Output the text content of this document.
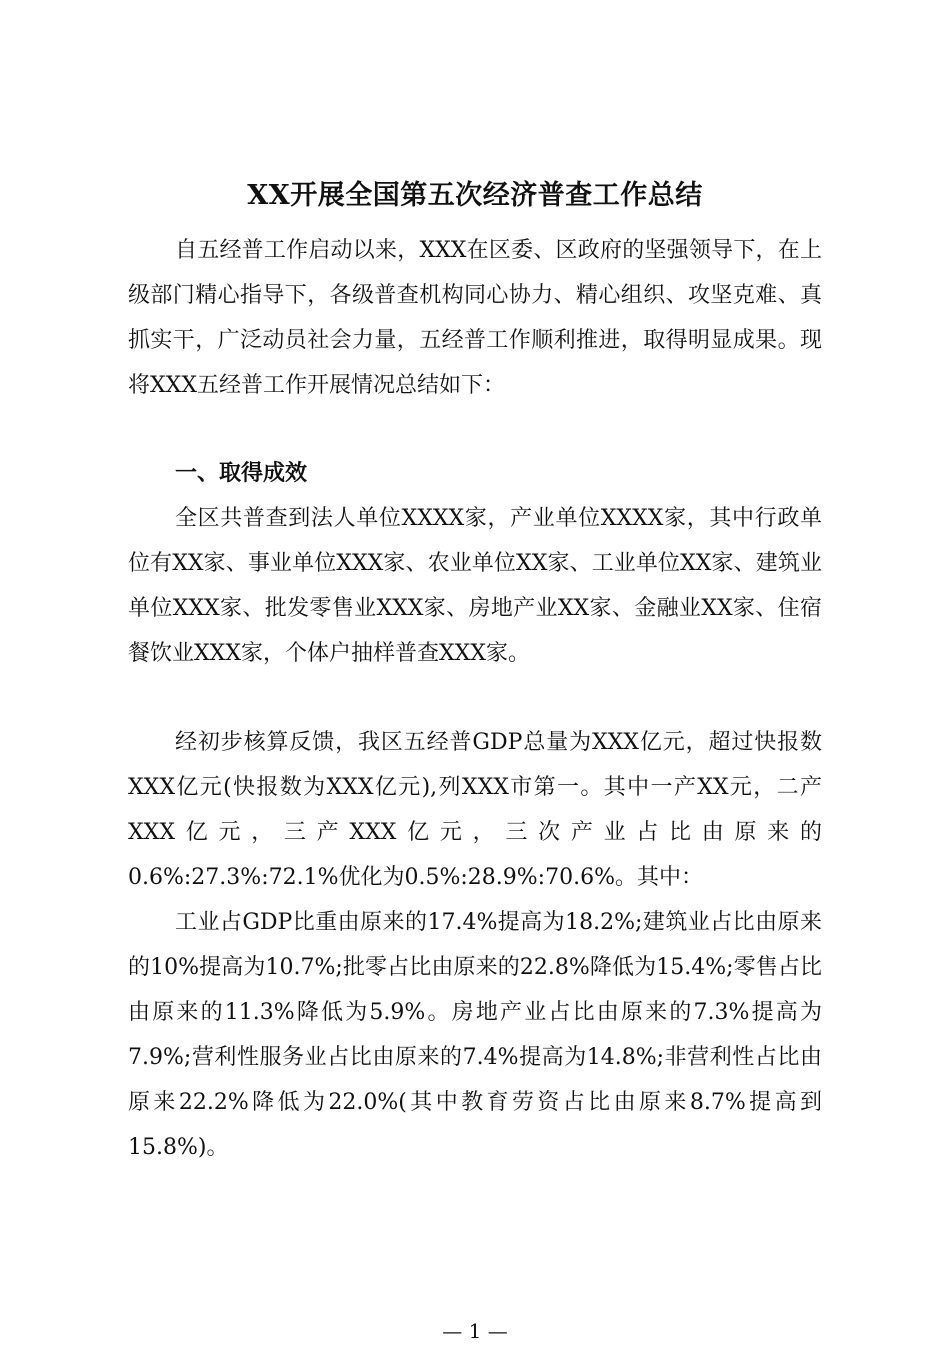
XX开展全国第五次经济普查工作总结

自五经普工作启动以来，XXX在区委、区政府的坚强领导下，在上级部门精心指导下，各级普查机构同心协力、精心组织、攻坚克难、真抓实干，广泛动员社会力量，五经普工作顺利推进，取得明显成果。现将XXX五经普工作开展情况总结如下：

一、取得成效

全区共普查到法人单位XXXX家，产业单位XXXX家，其中行政单位有XX家、事业单位XXX家、农业单位XX家、工业单位XX家、建筑业单位XXX家、批发零售业XXX家、房地产业XX家、金融业XX家、住宿餐饮业XXX家，个体户抽样普查XXX家。

经初步核算反馈，我区五经普GDP总量为XXX亿元，超过快报数XXX亿元(快报数为XXX亿元),列XXX市第一。其中一产XX元，二产XXX亿元，三产XXX亿元，三次产业占比由原来的0.6%:27.3%:72.1%优化为0.5%:28.9%:70.6%。其中：

工业占GDP比重由原来的17.4%提高为18.2%;建筑业占比由原来的10%提高为10.7%;批零占比由原来的22.8%降低为15.4%;零售占比由原来的11.3%降低为5.9%。房地产业占比由原来的7.3%提高为7.9%;营利性服务业占比由原来的7.4%提高为14.8%;非营利性占比由原来22.2%降低为22.0%(其中教育劳资占比由原来8.7%提高到15.8%)。

— 1 —
